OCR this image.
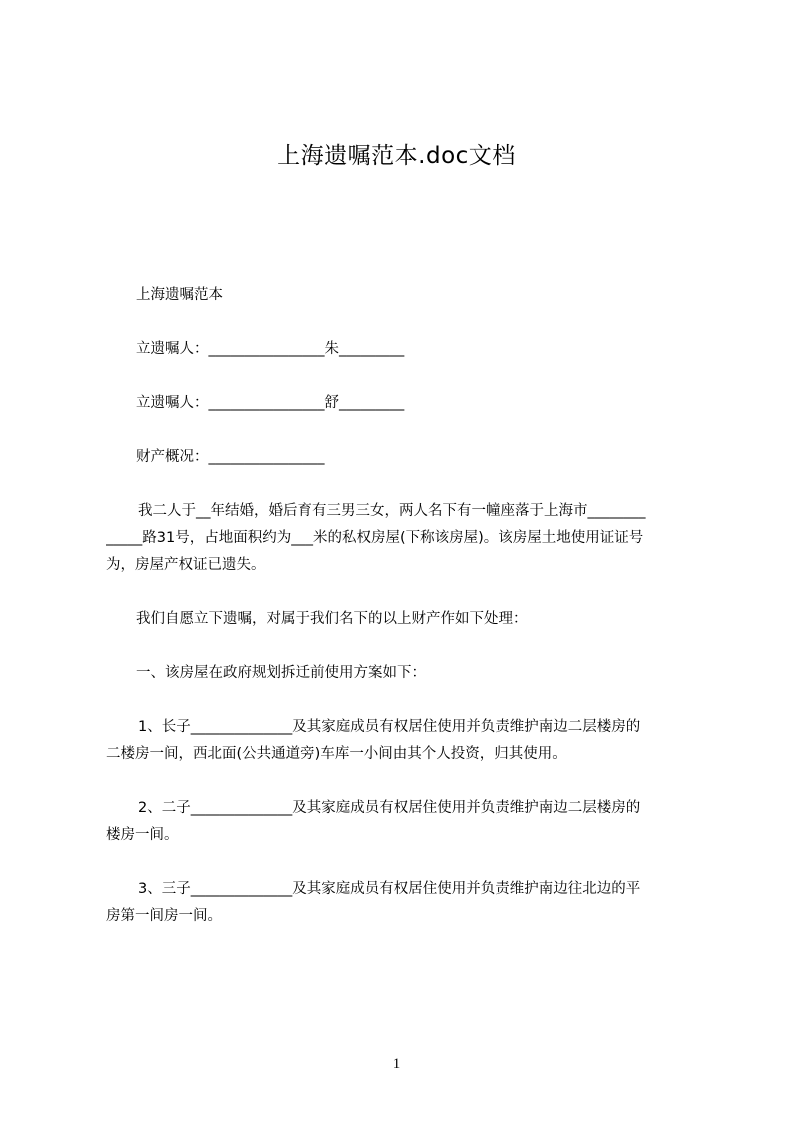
上海遗嘱范本.doc文档
上海遗嘱范本
立遗嘱人：________________朱_________
立遗嘱人：________________舒_________
财产概况：________________
我二人于__年结婚，婚后育有三男三女，两人名下有一幢座落于上海市________
_____路31号，占地面积约为___米的私权房屋(下称该房屋)。该房屋土地使用证证号
为，房屋产权证已遗失。
我们自愿立下遗嘱，对属于我们名下的以上财产作如下处理：
一、该房屋在政府规划拆迁前使用方案如下：
1、长子______________及其家庭成员有权居住使用并负责维护南边二层楼房的
二楼房一间，西北面(公共通道旁)车库一小间由其个人投资，归其使用。
2、二子______________及其家庭成员有权居住使用并负责维护南边二层楼房的
楼房一间。
3、三子______________及其家庭成员有权居住使用并负责维护南边往北边的平
房第一间房一间。
1
